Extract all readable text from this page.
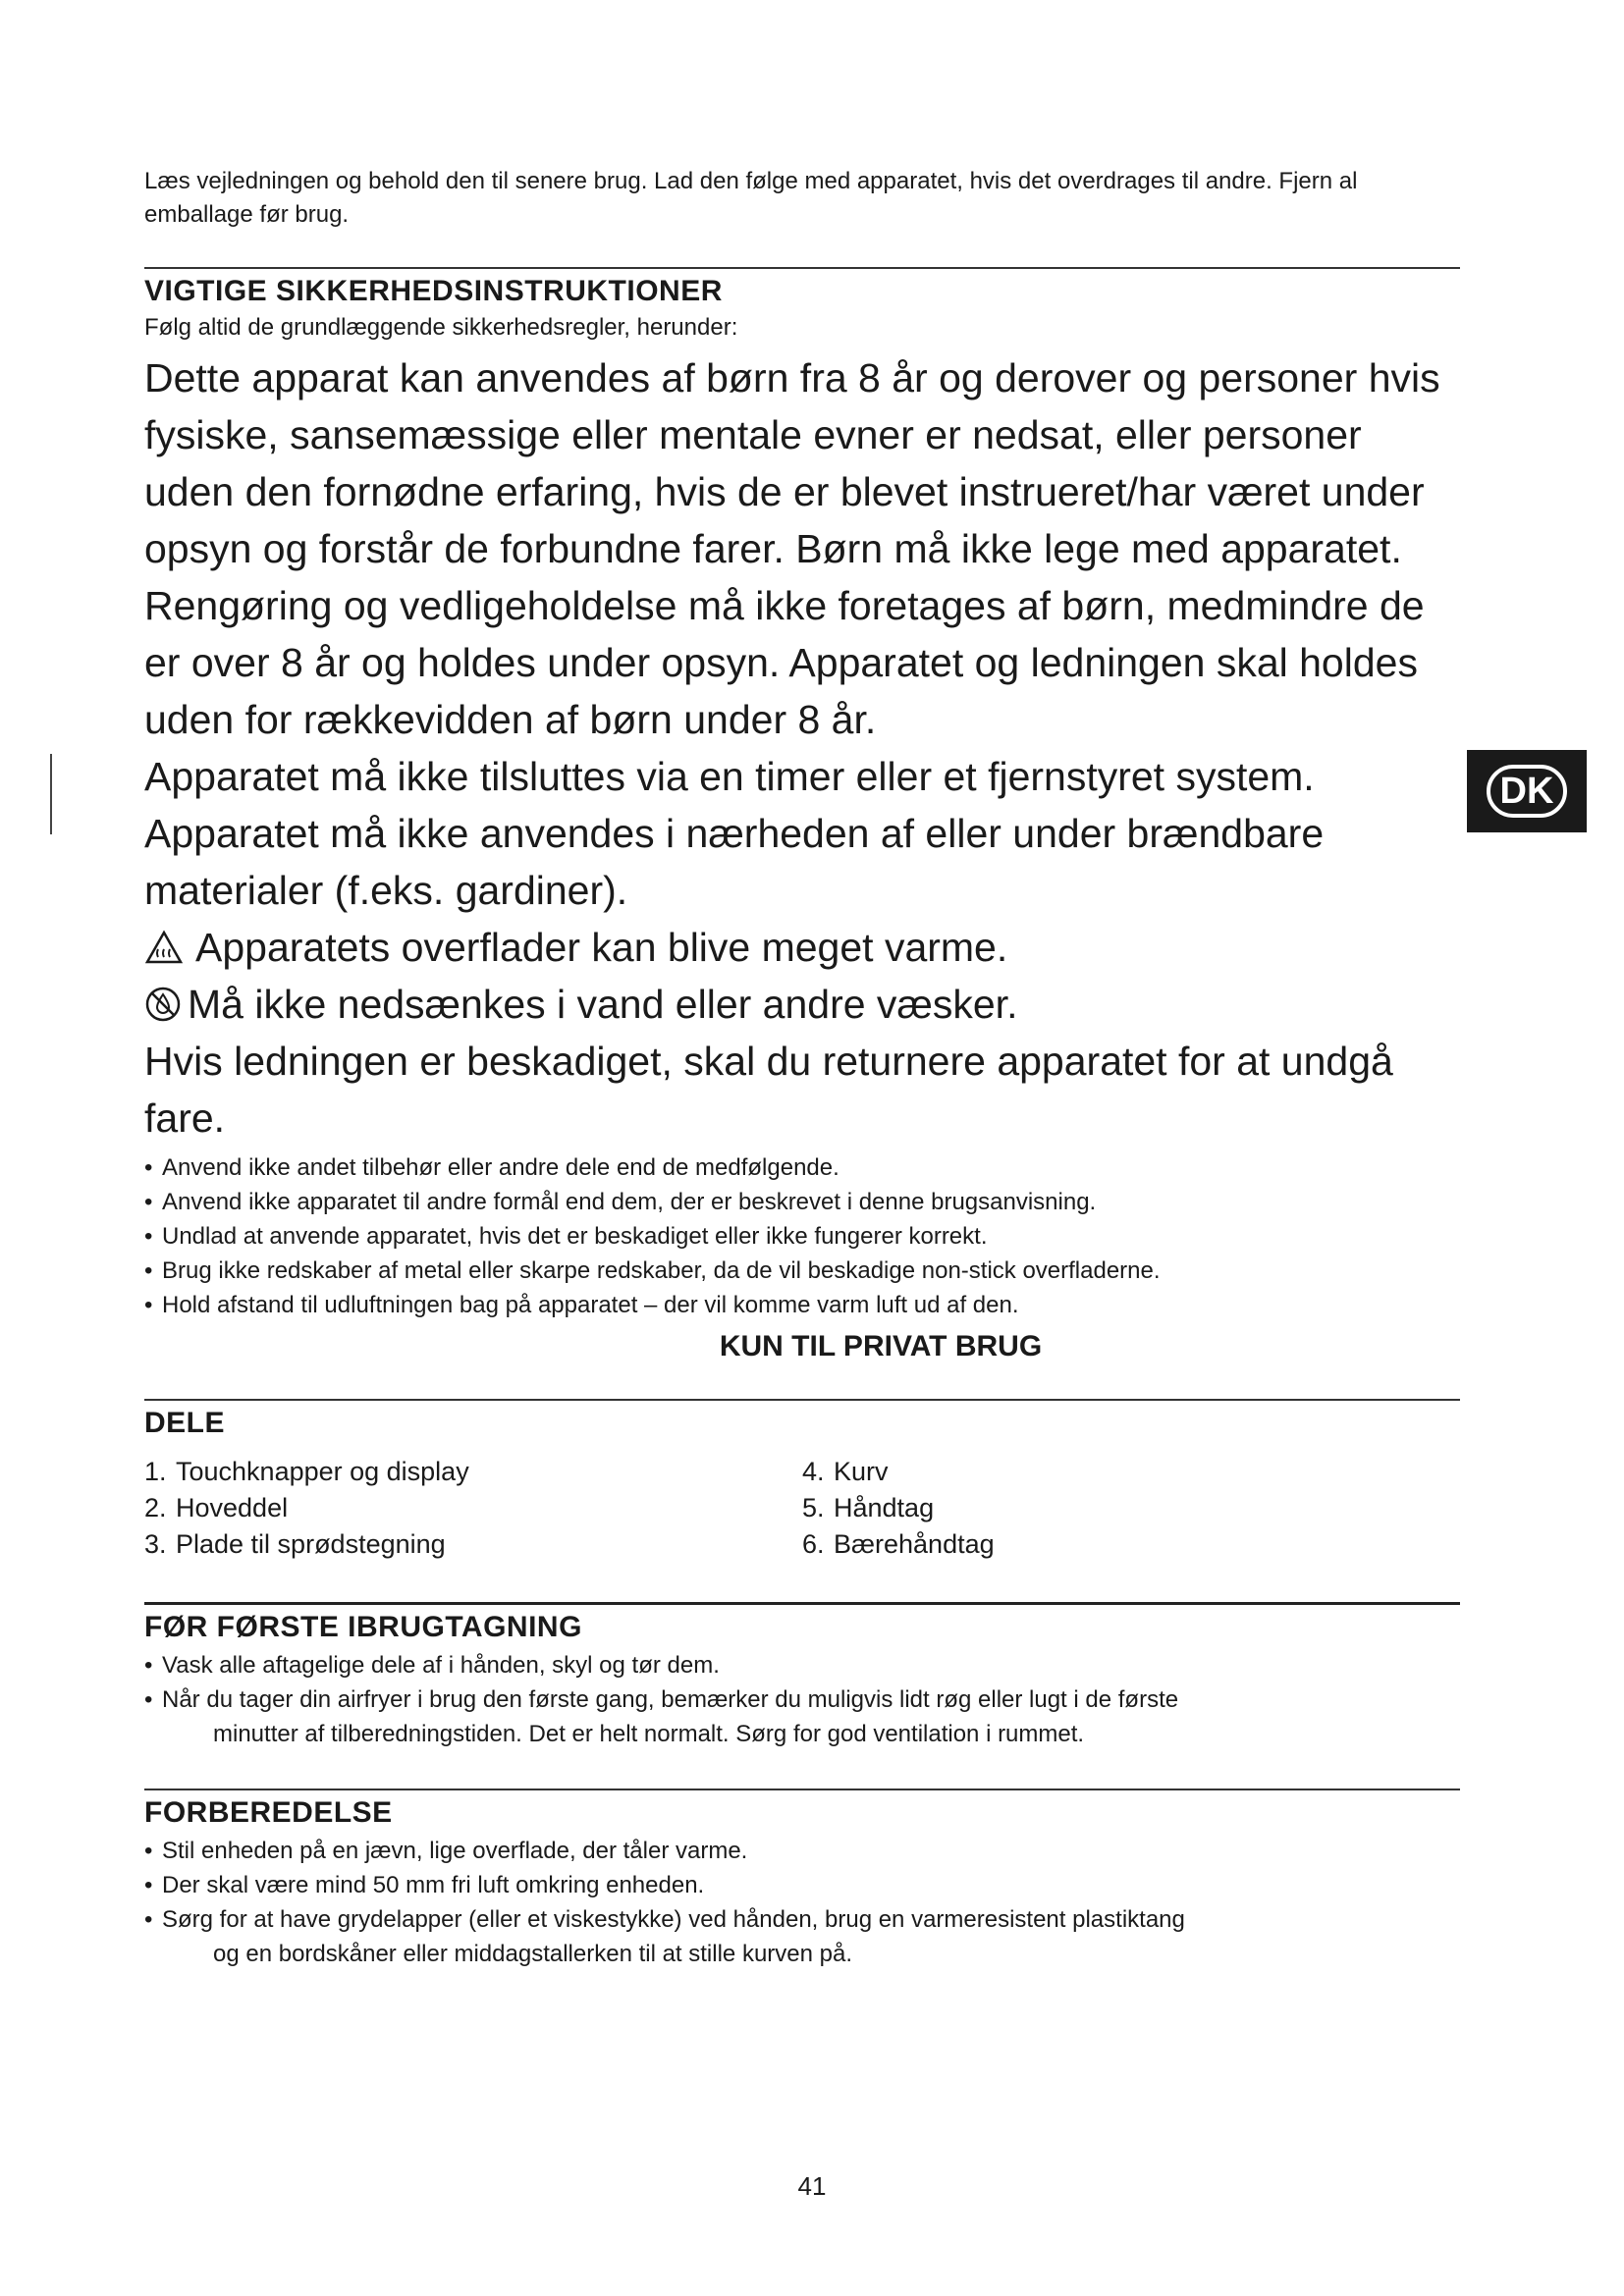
DK
Læs vejledningen og behold den til senere brug. Lad den følge med apparatet, hvis det overdrages til andre. Fjern al emballage før brug.
VIGTIGE SIKKERHEDSINSTRUKTIONER
Følg altid de grundlæggende sikkerhedsregler, herunder:

Dette apparat kan anvendes af børn fra 8 år og derover og personer hvis fysiske, sansemæssige eller mentale evner er nedsat, eller personer uden den fornødne erfaring, hvis de er blevet instrueret/har været under opsyn og forstår de forbundne farer. Børn må ikke lege med apparatet. Rengøring og vedligeholdelse må ikke foretages af børn, medmindre de er over 8 år og holdes under opsyn. Apparatet og ledningen skal holdes uden for rækkevidden af børn under 8 år.

Apparatet må ikke tilsluttes via en timer eller et fjernstyret system.

Apparatet må ikke anvendes i nærheden af eller under brændbare materialer (f.eks. gardiner).

Apparatets overflader kan blive meget varme.

Må ikke nedsænkes i vand eller andre væsker.

Hvis ledningen er beskadiget, skal du returnere apparatet for at undgå fare.

• Anvend ikke andet tilbehør eller andre dele end de medfølgende.
• Anvend ikke apparatet til andre formål end dem, der er beskrevet i denne brugsanvisning.
• Undlad at anvende apparatet, hvis det er beskadiget eller ikke fungerer korrekt.
• Brug ikke redskaber af metal eller skarpe redskaber, da de vil beskadige non-stick overfladerne.
• Hold afstand til udluftningen bag på apparatet – der vil komme varm luft ud af den.
KUN TIL PRIVAT BRUG
DELE
1. Touchknapper og display
2. Hoveddel
3. Plade til sprødstegning
4. Kurv
5. Håndtag
6. Bærehåndtag
FØR FØRSTE IBRUGTAGNING
• Vask alle aftagelige dele af i hånden, skyl og tør dem.
• Når du tager din airfryer i brug den første gang, bemærker du muligvis lidt røg eller lugt i de første
minutter af tilberedningstiden. Det er helt normalt. Sørg for god ventilation i rummet.
FORBEREDELSE
• Stil enheden på en jævn, lige overflade, der tåler varme.
• Der skal være mind 50 mm fri luft omkring enheden.
• Sørg for at have grydelapper (eller et viskestykke) ved hånden, brug en varmeresistent plastiktang
og en bordskåner eller middagstallerken til at stille kurven på.
41
